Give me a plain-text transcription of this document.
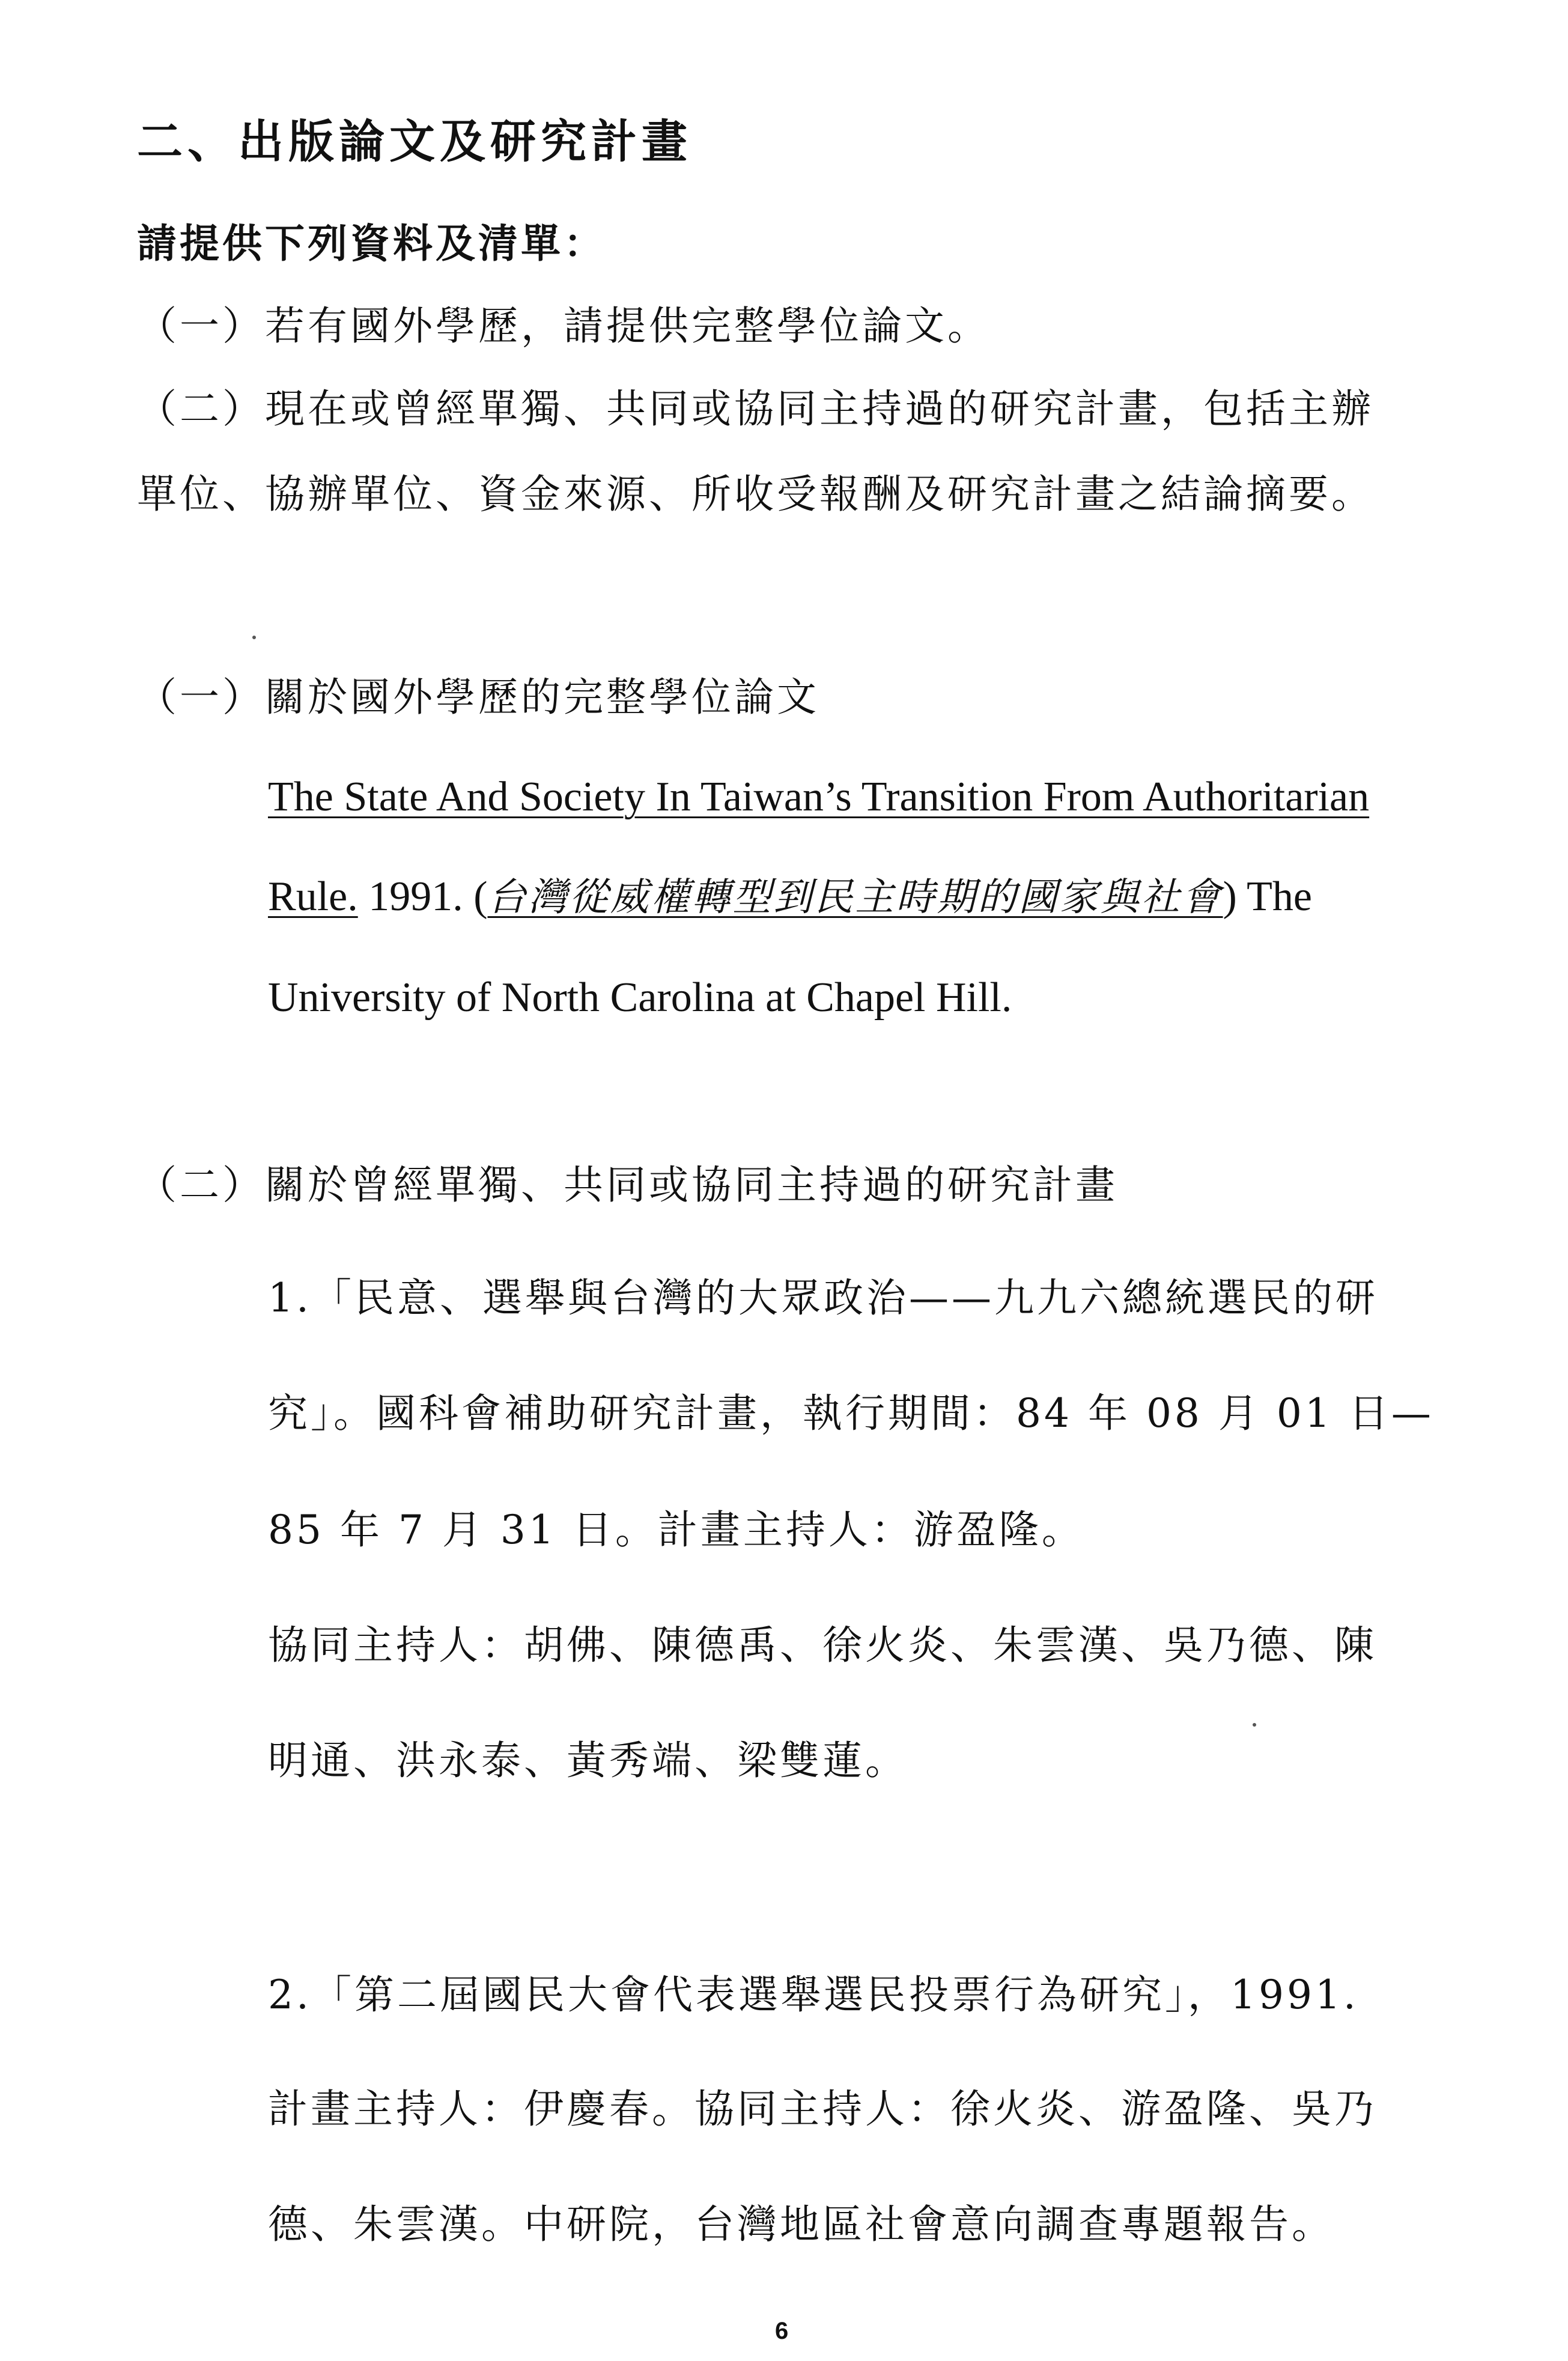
二、出版論文及研究計畫
請提供下列資料及清單：
（一）若有國外學歷，請提供完整學位論文。
（二）現在或曾經單獨、共同或協同主持過的研究計畫，包括主辦
單位、協辦單位、資金來源、所收受報酬及研究計畫之結論摘要。
（一）關於國外學歷的完整學位論文
The State And Society In Taiwan’s Transition From Authoritarian
Rule. 1991. (台灣從威權轉型到民主時期的國家與社會) The
University of North Carolina at Chapel Hill.
（二）關於曾經單獨、共同或協同主持過的研究計畫
1.「民意、選舉與台灣的大眾政治——九九六總統選民的研
究」。國科會補助研究計畫，執行期間：84 年 08 月 01 日—
85 年 7 月 31 日。計畫主持人：游盈隆。
協同主持人：胡佛、陳德禹、徐火炎、朱雲漢、吳乃德、陳
明通、洪永泰、黃秀端、梁雙蓮。
2.「第二屆國民大會代表選舉選民投票行為研究」，1991.
計畫主持人：伊慶春。協同主持人：徐火炎、游盈隆、吳乃
德、朱雲漢。中研院，台灣地區社會意向調查專題報告。
6
